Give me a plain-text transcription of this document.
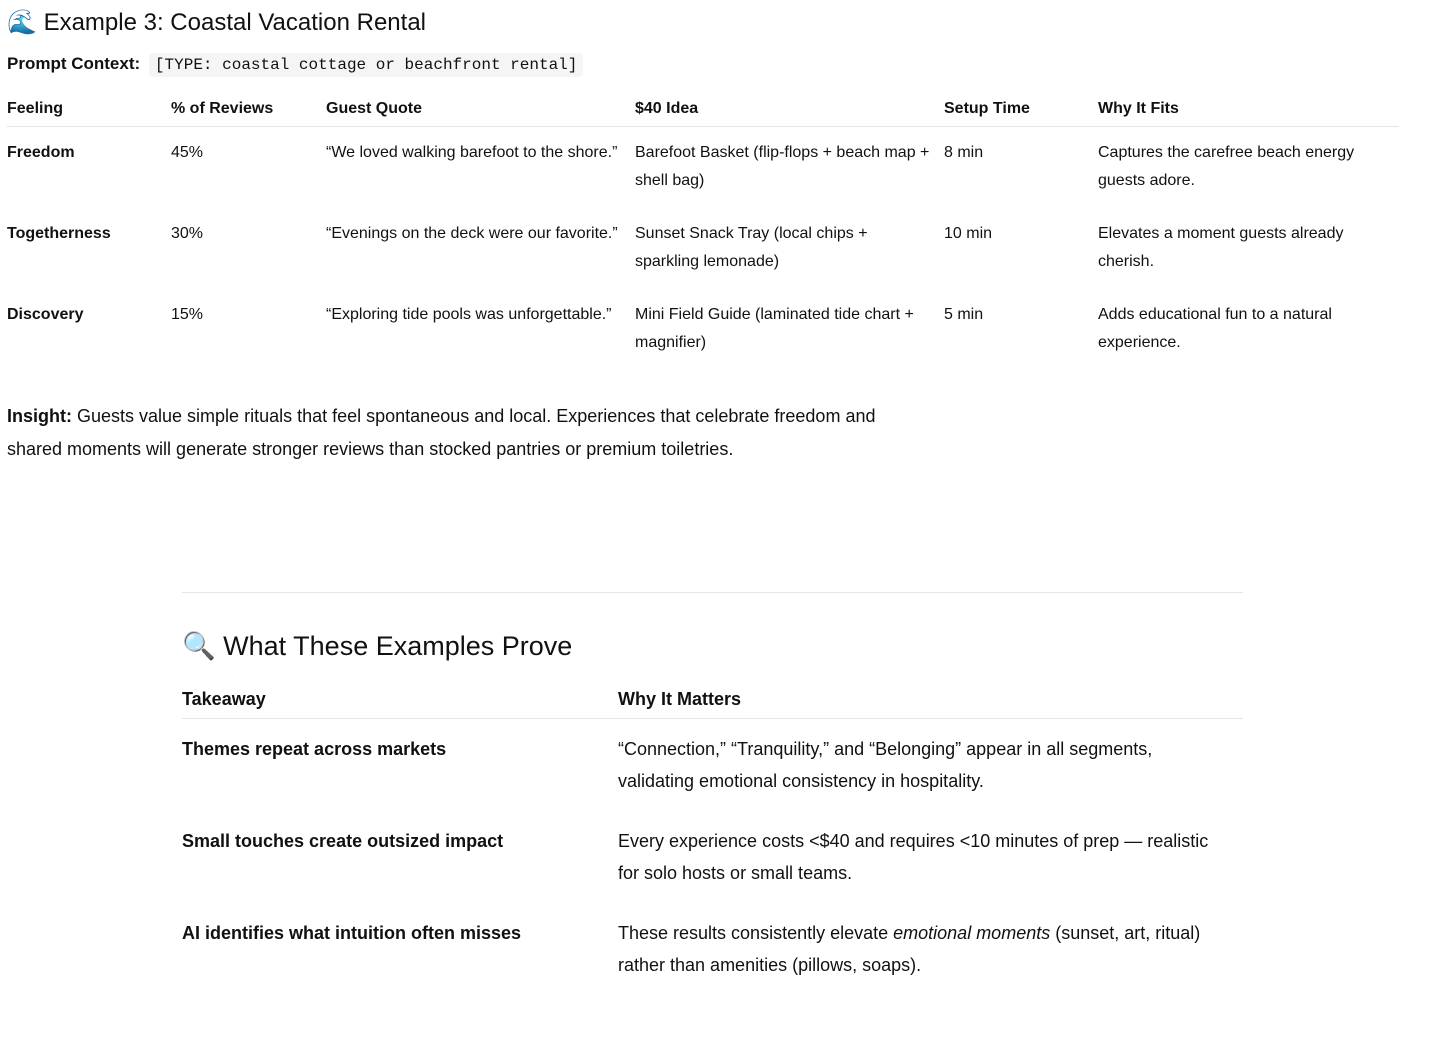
🌊 Example 3: Coastal Vacation Rental
Prompt Context: [TYPE: coastal cottage or beachfront rental]
Feeling	% of Reviews	Guest Quote	$40 Idea	Setup Time	Why It Fits
Freedom	45%	“We loved walking barefoot to the shore.”	Barefoot Basket (flip-flops + beach map + shell bag)	8 min	Captures the carefree beach energy guests adore.
Togetherness	30%	“Evenings on the deck were our favorite.”	Sunset Snack Tray (local chips + sparkling lemonade)	10 min	Elevates a moment guests already cherish.
Discovery	15%	“Exploring tide pools was unforgettable.”	Mini Field Guide (laminated tide chart + magnifier)	5 min	Adds educational fun to a natural experience.

Insight: Guests value simple rituals that feel spontaneous and local. Experiences that celebrate freedom and shared moments will generate stronger reviews than stocked pantries or premium toiletries.

🔍 What These Examples Prove
Takeaway	Why It Matters
Themes repeat across markets	“Connection,” “Tranquility,” and “Belonging” appear in all segments, validating emotional consistency in hospitality.
Small touches create outsized impact	Every experience costs <$40 and requires <10 minutes of prep — realistic for solo hosts or small teams.
AI identifies what intuition often misses	These results consistently elevate emotional moments (sunset, art, ritual) rather than amenities (pillows, soaps).
